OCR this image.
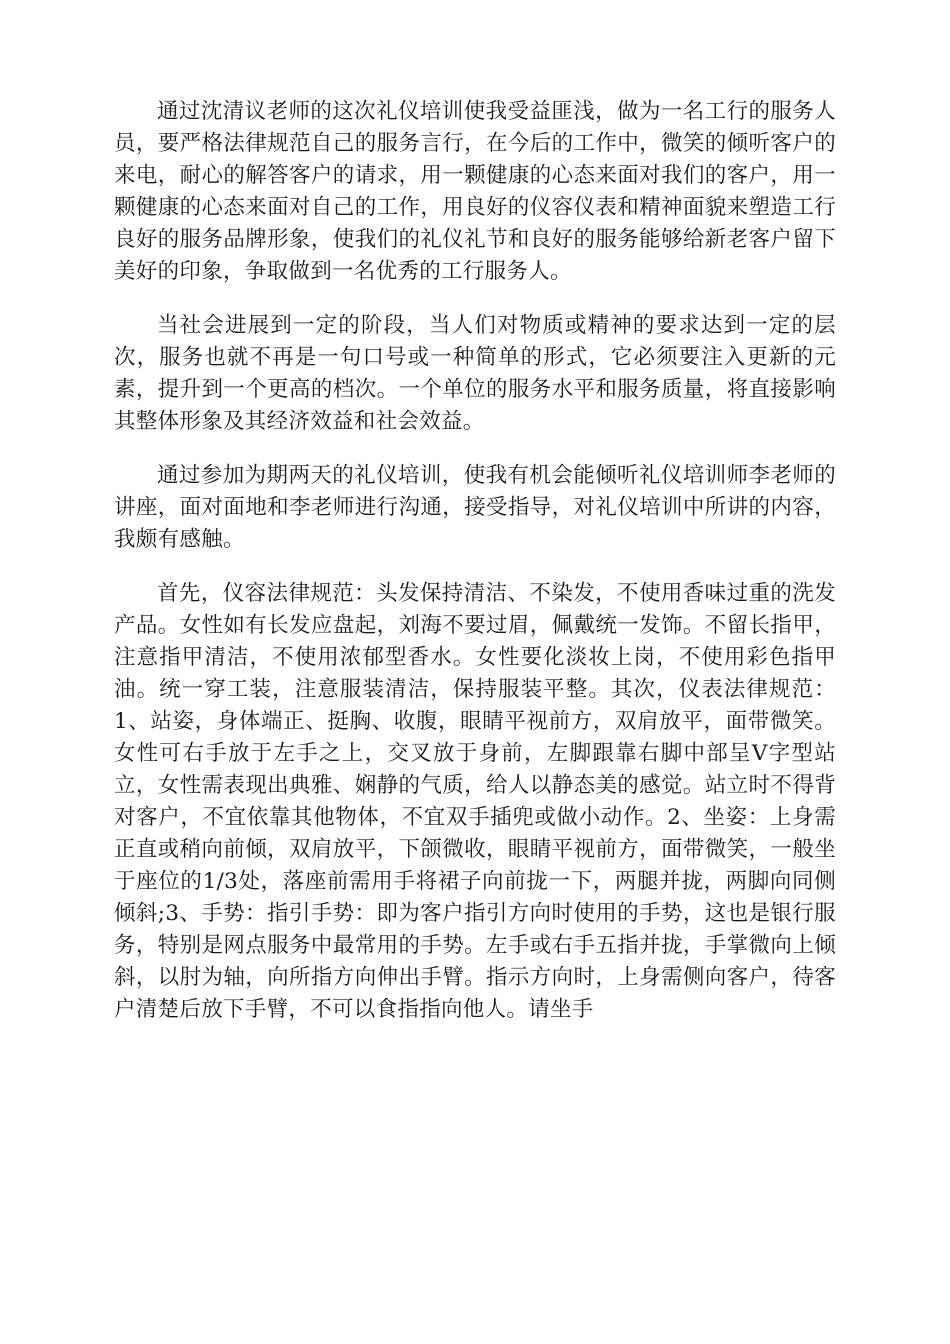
通过沈清议老师的这次礼仪培训使我受益匪浅，做为一名工行的服务人员，要严格法律规范自己的服务言行，在今后的工作中，微笑的倾听客户的来电，耐心的解答客户的请求，用一颗健康的心态来面对我们的客户，用一颗健康的心态来面对自己的工作，用良好的仪容仪表和精神面貌来塑造工行良好的服务品牌形象，使我们的礼仪礼节和良好的服务能够给新老客户留下美好的印象，争取做到一名优秀的工行服务人。

当社会进展到一定的阶段，当人们对物质或精神的要求达到一定的层次，服务也就不再是一句口号或一种简单的形式，它必须要注入更新的元素，提升到一个更高的档次。一个单位的服务水平和服务质量，将直接影响其整体形象及其经济效益和社会效益。

通过参加为期两天的礼仪培训，使我有机会能倾听礼仪培训师李老师的讲座，面对面地和李老师进行沟通，接受指导，对礼仪培训中所讲的内容，我颇有感触。

首先，仪容法律规范：头发保持清洁、不染发，不使用香味过重的洗发产品。女性如有长发应盘起，刘海不要过眉，佩戴统一发饰。不留长指甲，注意指甲清洁，不使用浓郁型香水。女性要化淡妆上岗，不使用彩色指甲油。统一穿工装，注意服装清洁，保持服装平整。其次，仪表法律规范：1、站姿，身体端正、挺胸、收腹，眼睛平视前方，双肩放平，面带微笑。女性可右手放于左手之上，交叉放于身前，左脚跟靠右脚中部呈V字型站立，女性需表现出典雅、娴静的气质，给人以静态美的感觉。站立时不得背对客户，不宜依靠其他物体，不宜双手插兜或做小动作。2、坐姿：上身需正直或稍向前倾，双肩放平，下颌微收，眼睛平视前方，面带微笑，一般坐于座位的1/3处，落座前需用手将裙子向前拢一下，两腿并拢，两脚向同侧倾斜;3、手势：指引手势：即为客户指引方向时使用的手势，这也是银行服务，特别是网点服务中最常用的手势。左手或右手五指并拢，手掌微向上倾斜，以肘为轴，向所指方向伸出手臂。指示方向时，上身需侧向客户，待客户清楚后放下手臂，不可以食指指向他人。请坐手
